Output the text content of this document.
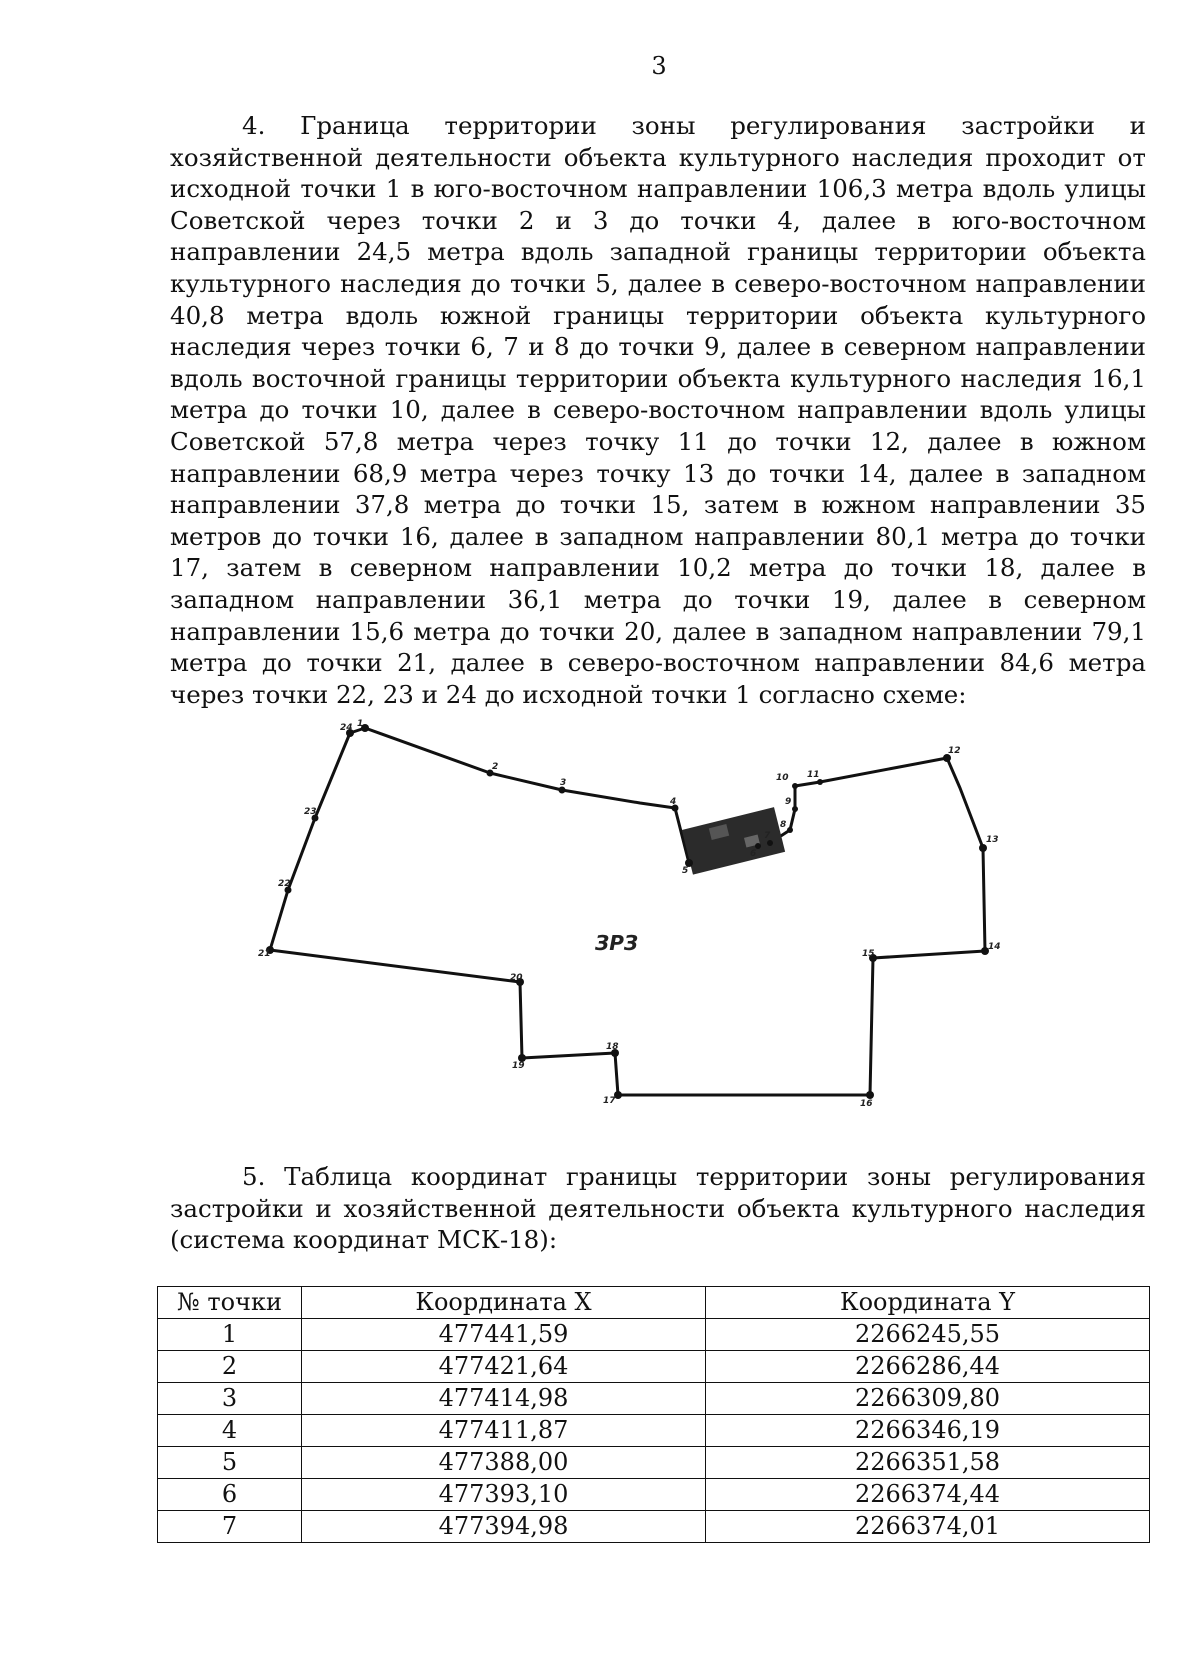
3

4. Граница территории зоны регулирования застройки и хозяйственной деятельности объекта культурного наследия проходит от исходной точки 1 в юго-восточном направлении 106,3 метра вдоль улицы Советской через точки 2 и 3 до точки 4, далее в юго-восточном направлении 24,5 метра вдоль западной границы территории объекта культурного наследия до точки 5, далее в северо-восточном направлении 40,8 метра вдоль южной границы территории объекта культурного наследия через точки 6, 7 и 8 до точки 9, далее в северном направлении вдоль восточной границы территории объекта культурного наследия 16,1 метра до точки 10, далее в северо-восточном направлении вдоль улицы Советской 57,8 метра через точку 11 до точки 12, далее в южном направлении 68,9 метра через точку 13 до точки 14, далее в западном направлении 37,8 метра до точки 15, затем в южном направлении 35 метров до точки 16, далее в западном направлении 80,1 метра до точки 17, затем в северном направлении 10,2 метра до точки 18, далее в западном направлении 36,1 метра до точки 19, далее в северном направлении 15,6 метра до точки 20, далее в западном направлении 79,1 метра до точки 21, далее в северо-восточном направлении 84,6 метра через точки 22, 23 и 24 до исходной точки 1 согласно схеме:

1
2
3
4
5
6
7
8
9
10 11
12
13
14
15
16
17
18
19
20
21
22
23
24
ЗРЗ

5. Таблица координат границы территории зоны регулирования застройки и хозяйственной деятельности объекта культурного наследия (система координат МСК-18):

№ точки	Координата X	Координата Y
1	477441,59	2266245,55
2	477421,64	2266286,44
3	477414,98	2266309,80
4	477411,87	2266346,19
5	477388,00	2266351,58
6	477393,10	2266374,44
7	477394,98	2266374,01
